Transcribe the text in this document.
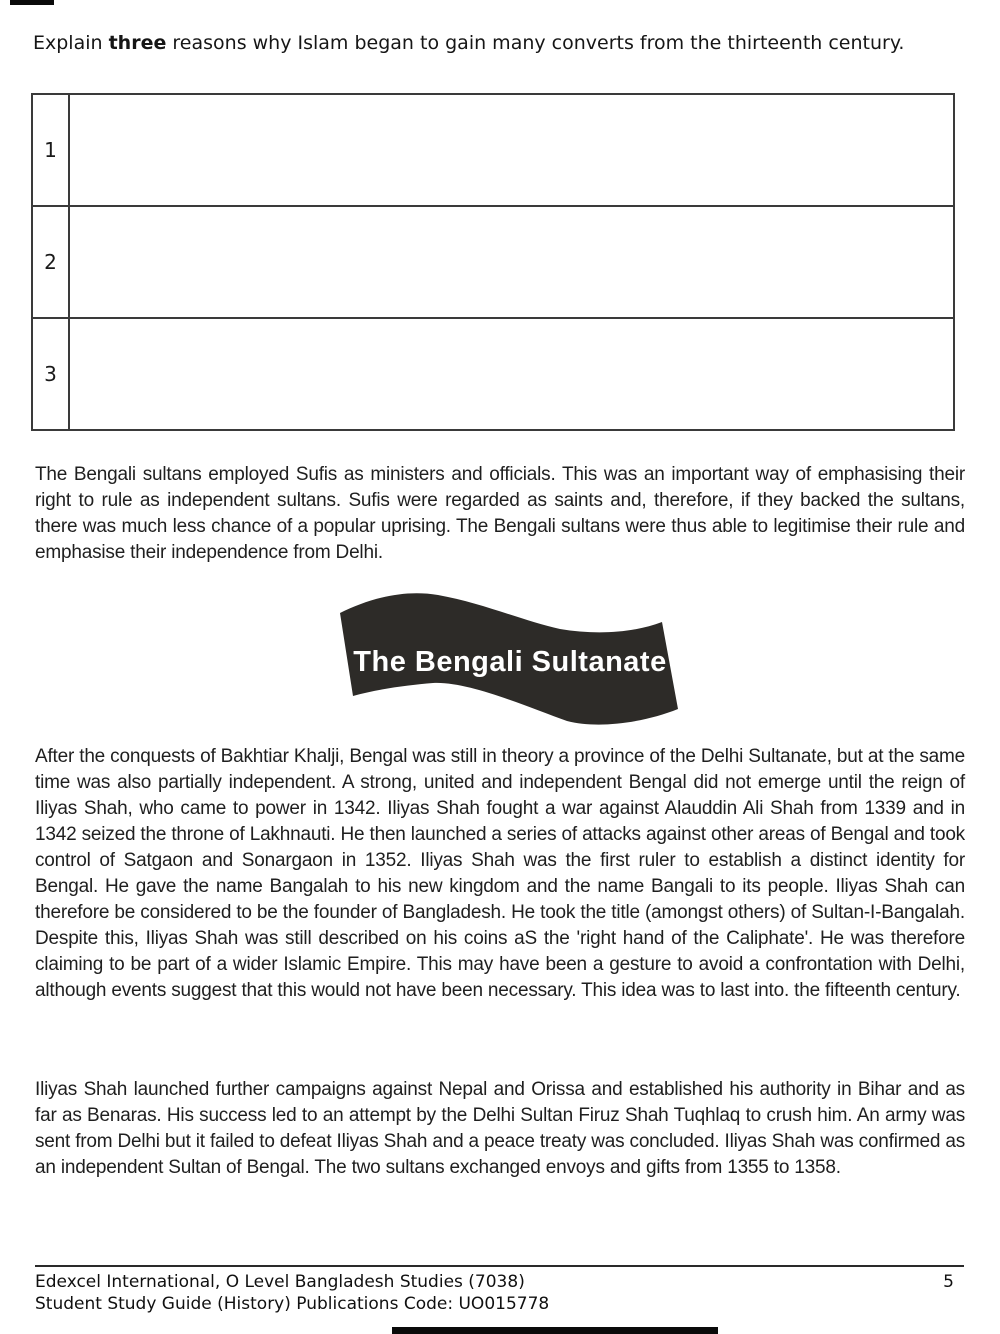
Explain three reasons why Islam began to gain many converts from the thirteenth century.
1	
2	
3	
The Bengali sultans employed Sufis as ministers and officials. This was an important way of emphasising their right to rule as independent sultans. Sufis were regarded as saints and, therefore, if they backed the sultans, there was much less chance of a popular uprising. The Bengali sultans were thus able to legitimise their rule and emphasise their independence from Delhi.
The Bengali Sultanate
After the conquests of Bakhtiar Khalji, Bengal was still in theory a province of the Delhi Sultanate, but at the same time was also partially independent. A strong, united and independent Bengal did not emerge until the reign of Iliyas Shah, who came to power in 1342. Iliyas Shah fought a war against Alauddin Ali Shah from 1339 and in 1342 seized the throne of Lakhnauti. He then launched a series of attacks against other areas of Bengal and took control of Satgaon and Sonargaon in 1352. Iliyas Shah was the first ruler to establish a distinct identity for Bengal. He gave the name Bangalah to his new kingdom and the name Bangali to its people. Iliyas Shah can therefore be considered to be the founder of Bangladesh. He took the title (amongst others) of Sultan-I-Bangalah. Despite this, Iliyas Shah was still described on his coins aS the 'right hand of the Caliphate'. He was therefore claiming to be part of a wider Islamic Empire. This may have been a gesture to avoid a confrontation with Delhi, although events suggest that this would not have been necessary. This idea was to last into. the fifteenth century.
Iliyas Shah launched further campaigns against Nepal and Orissa and established his authority in Bihar and as far as Benaras. His success led to an attempt by the Delhi Sultan Firuz Shah Tuqhlaq to crush him. An army was sent from Delhi but it failed to defeat Iliyas Shah and a peace treaty was concluded. Iliyas Shah was confirmed as an independent Sultan of Bengal. The two sultans exchanged envoys and gifts from 1355 to 1358.
Edexcel International, O Level Bangladesh Studies (7038)
Student Study Guide (History) Publications Code: UO015778
5
